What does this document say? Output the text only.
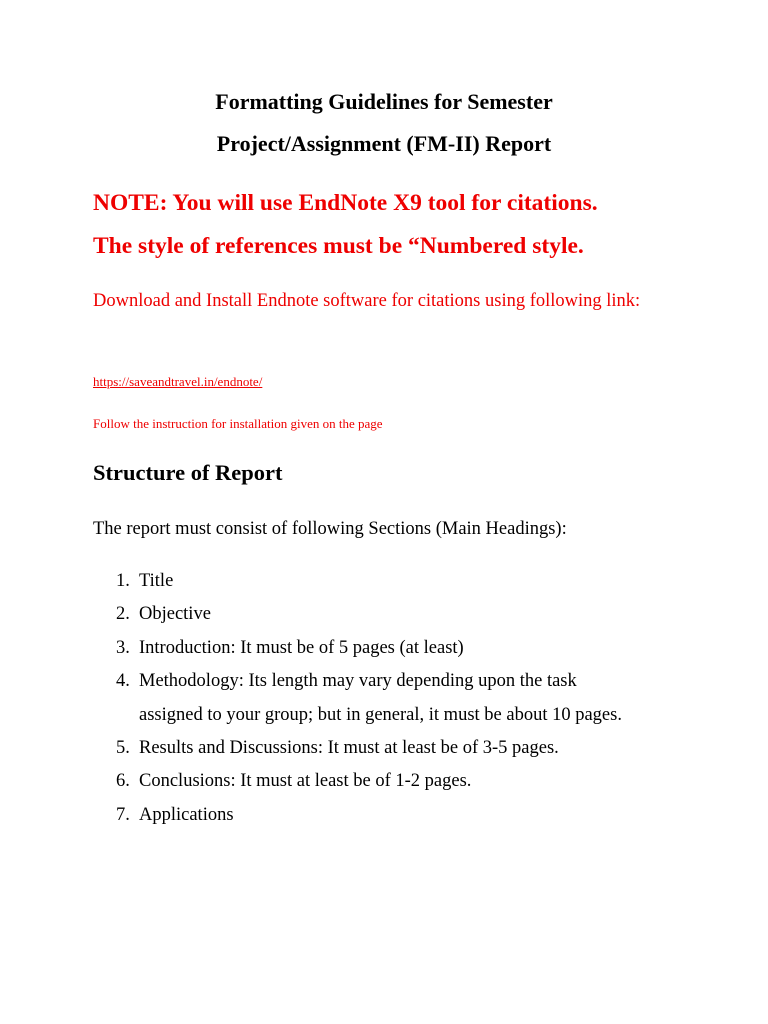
Formatting Guidelines for Semester
Project/Assignment (FM-II) Report
NOTE: You will use EndNote X9 tool for citations.
The style of references must be “Numbered style.
Download and Install Endnote software for citations using following link:
https://saveandtravel.in/endnote/
Follow the instruction for installation given on the page
Structure of Report
The report must consist of following Sections (Main Headings):
1. Title
2. Objective
3. Introduction: It must be of 5 pages (at least)
4. Methodology: Its length may vary depending upon the task assigned to your group; but in general, it must be about 10 pages.
5. Results and Discussions: It must at least be of 3-5 pages.
6. Conclusions: It must at least be of 1-2 pages.
7. Applications
